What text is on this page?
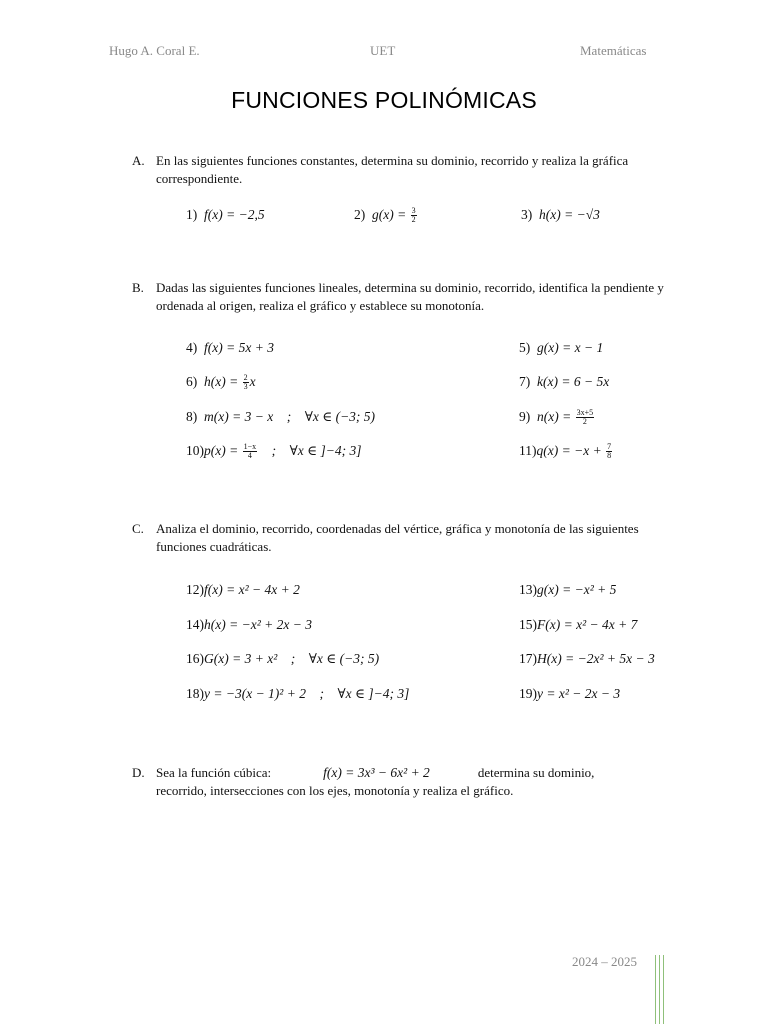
Hugo A. Coral E.	UET	Matemáticas
FUNCIONES POLINÓMICAS
A. En las siguientes funciones constantes, determina su dominio, recorrido y realiza la gráfica correspondiente.
1) f(x) = −2,5	2) $g(x) = \frac{3}{2}$	3) h(x) = −√3
B. Dadas las siguientes funciones lineales, determina su dominio, recorrido, identifica la pendiente y ordenada al origen, realiza el gráfico y establece su monotonía.
4) f(x) = 5x + 3	5) g(x) = x − 1
6) $h(x) = \frac{2}{3}$ x	7) k(x) = 6 − 5x
8) m(x) = 3 − x    ;    ∀x ∈ (−3; 5)	9) $n(x) = \frac{3x+5}{2}$
$10)p(x) = \frac{1-x}{4}$ ;    ∀x ∈ ]−4; 3]	$11)q(x) = -x + \frac{7}{8}$
C. Analiza el dominio, recorrido, coordenadas del vértice, gráfica y monotonía de las siguientes funciones cuadráticas.
12)f(x) = x² − 4x + 2	13)g(x) = −x² + 5
14)h(x) = −x² + 2x − 3	15)F(x) = x² − 4x + 7
16)G(x) = 3 + x²    ;    ∀x ∈ (−3; 5)	17)H(x) = −2x² + 5x − 3
18)y = −3(x − 1)² + 2    ;    ∀x ∈ ]−4; 3]	19)y = x² − 2x − 3
D. Sea la función cúbica:	f(x) = 3x³ − 6x² + 2	determina su dominio,
recorrido, intersecciones con los ejes, monotonía y realiza el gráfico.
2024 – 2025
